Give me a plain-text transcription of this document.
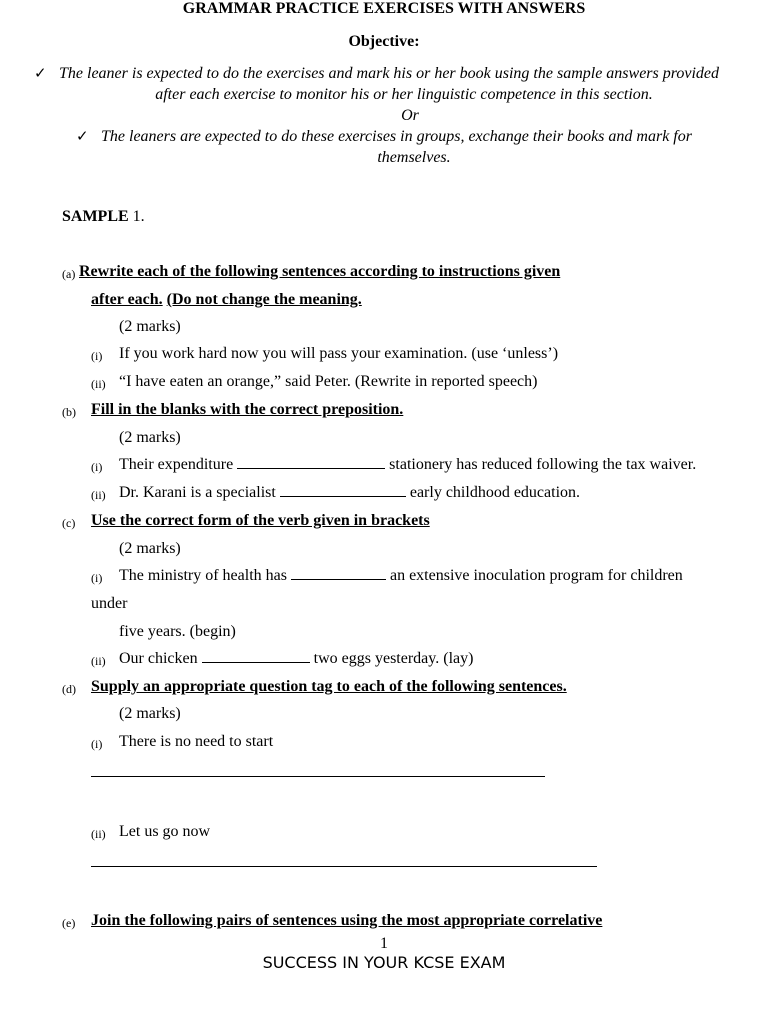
GRAMMAR PRACTICE EXERCISES WITH ANSWERS
Objective:
✓ The leaner is expected to do the exercises and mark his or her book using the sample answers provided
after each exercise to monitor his or her linguistic competence in this section.
Or
✓ The leaners are expected to do these exercises in groups, exchange their books and mark for
themselves.
SAMPLE 1.
(a) Rewrite each of the following sentences according to instructions given
after each. (Do not change the meaning.
(2 marks)
(i) If you work hard now you will pass your examination. (use ‘unless’)
(ii) “I have eaten an orange,” said Peter. (Rewrite in reported speech)
(b) Fill in the blanks with the correct preposition.
(2 marks)
(i) Their expenditure	stationery has reduced following the tax waiver.
(ii) Dr. Karani is a specialist	early childhood education.
(c) Use the correct form of the verb given in brackets
(2 marks)
(i) The ministry of health has	an extensive inoculation program for children
under
five years. (begin)
(ii) Our chicken	two eggs yesterday. (lay)
(d) Supply an appropriate question tag to each of the following sentences.
(2 marks)
(i) There is no need to start
(ii) Let us go now
(e) Join the following pairs of sentences using the most appropriate correlative
1
SUCCESS IN YOUR KCSE EXAM
